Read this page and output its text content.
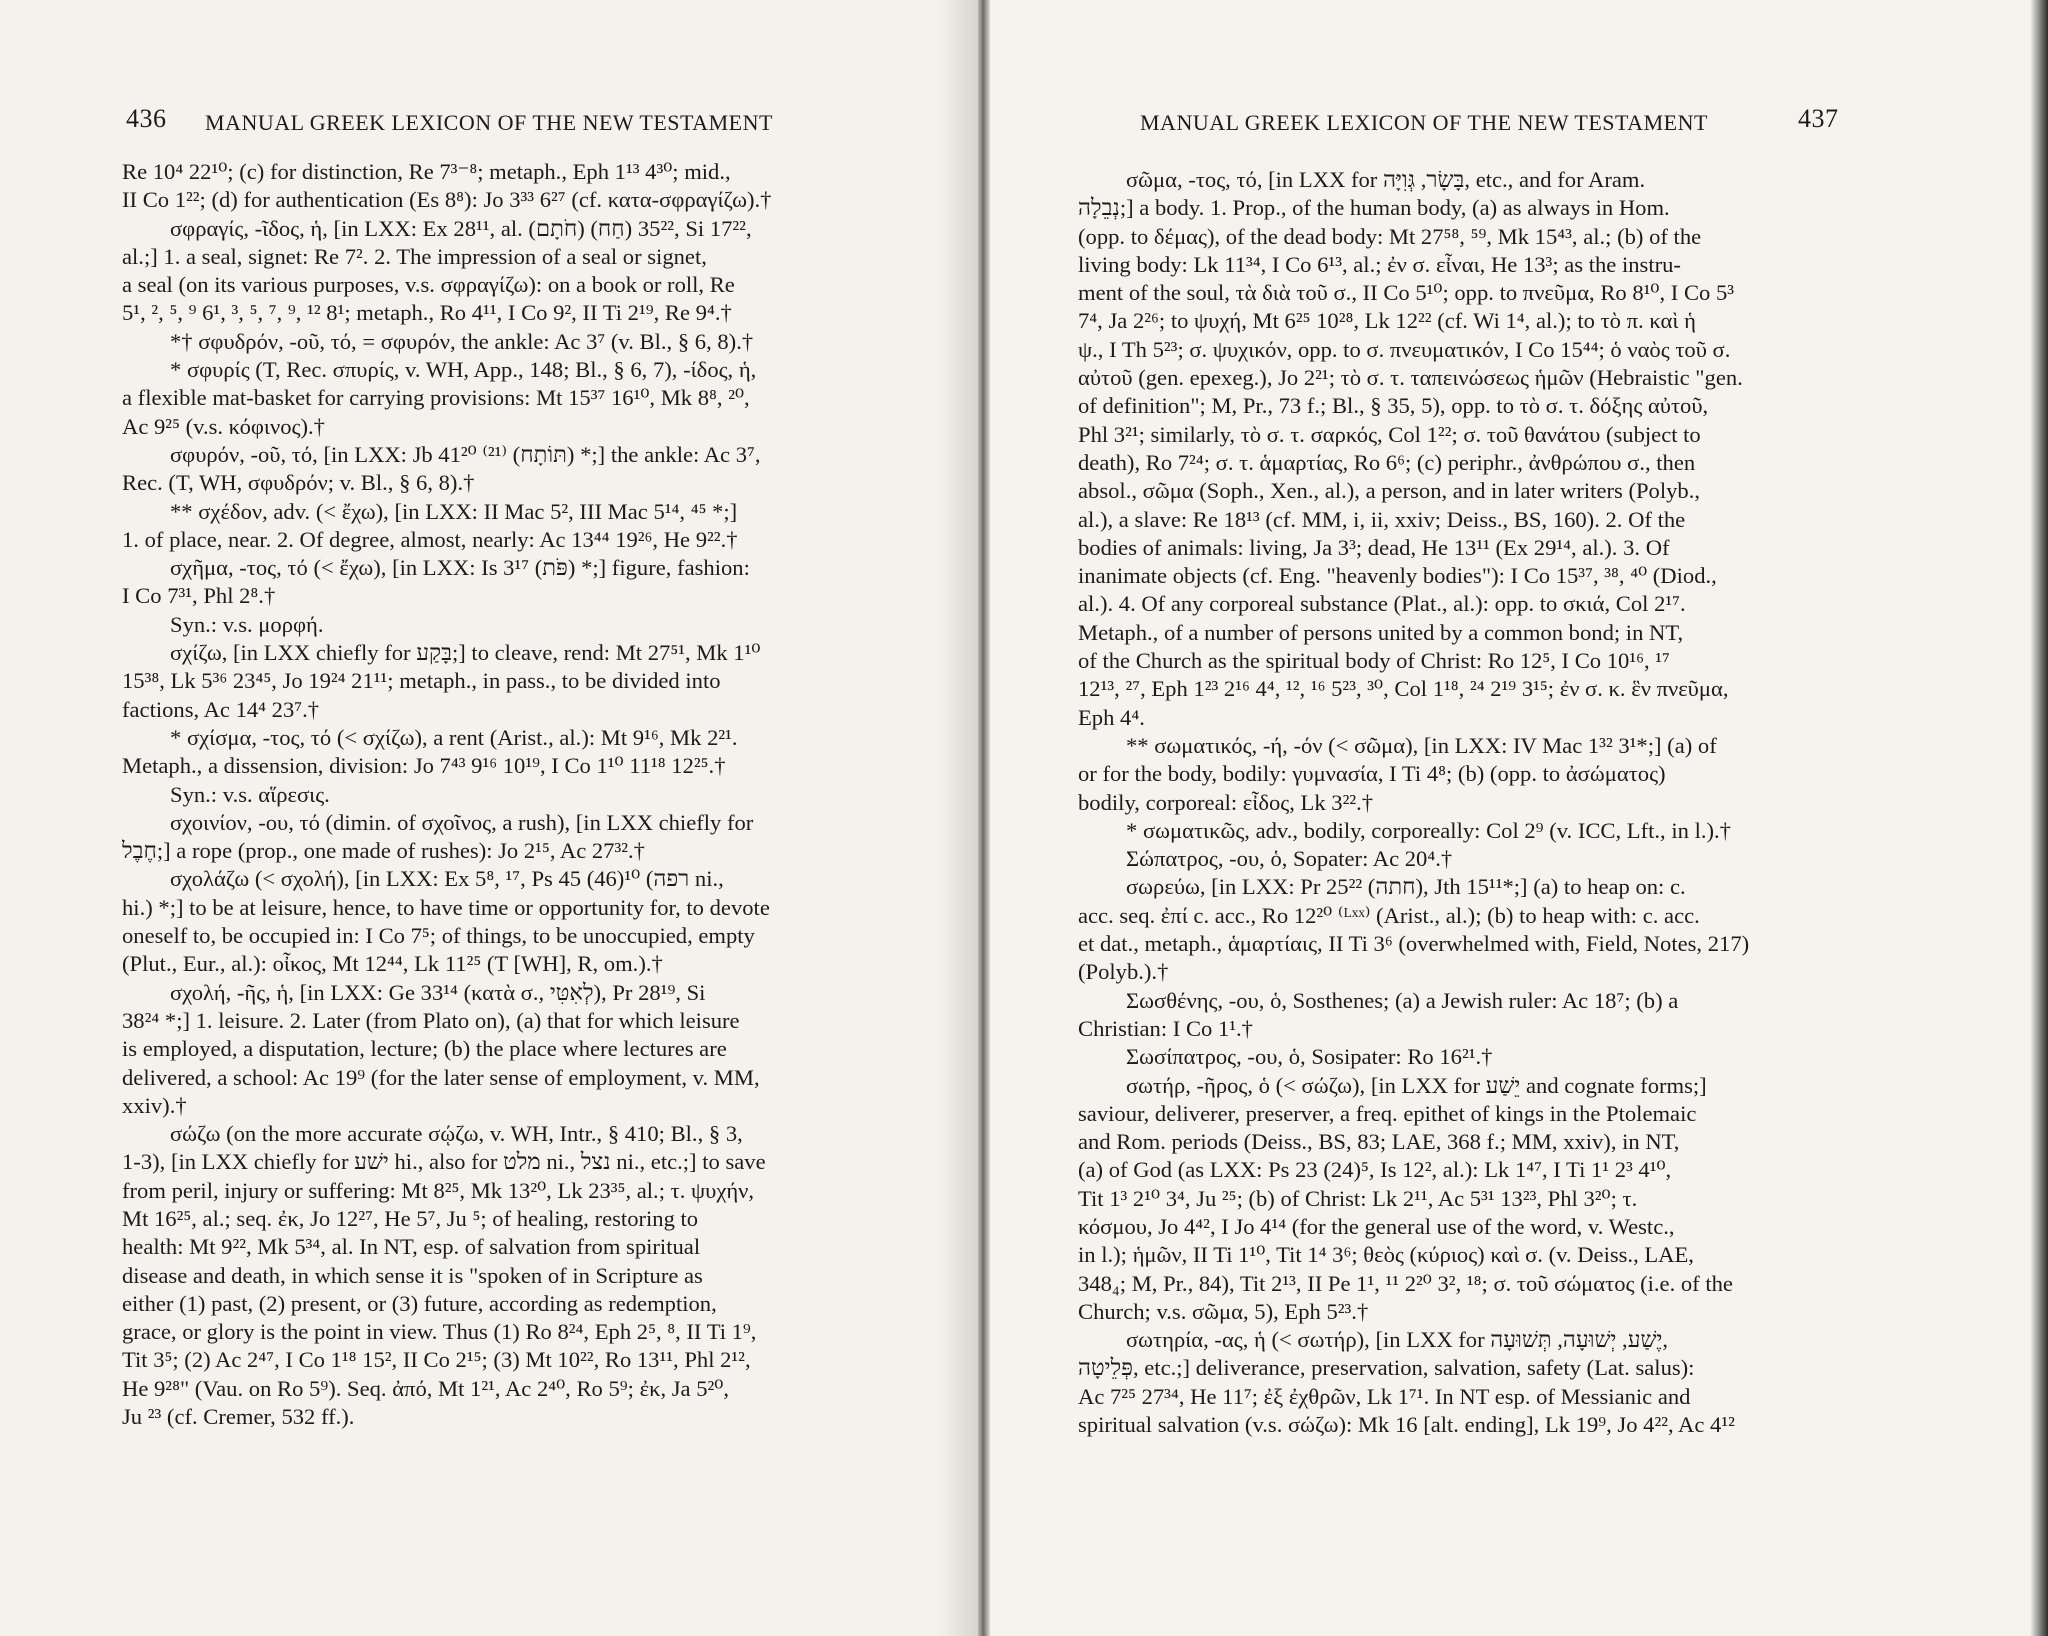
436 MANUAL GREEK LEXICON OF THE NEW TESTAMENT
Re 10⁴ 22¹⁰; (c) for distinction, Re 7³⁻⁸; metaph., Eph 1¹³ 4³⁰; mid.,
II Co 1²²; (d) for authentication (Es 8⁸): Jo 3³³ 6²⁷ (cf. κατα-σφραγίζω).†
σφραγίς, -ῖδος, ἡ, [in LXX: Ex 28¹¹, al. (חֹתָם) 35²² (חַח), Si 17²²,
al.;] 1. a seal, signet: Re 7². 2. The impression of a seal or signet,
a seal (on its various purposes, v.s. σφραγίζω): on a book or roll, Re
5¹, ², ⁵, ⁹ 6¹, ³, ⁵, ⁷, ⁹, ¹² 8¹; metaph., Ro 4¹¹, I Co 9², II Ti 2¹⁹, Re 9⁴.†
*† σφυδρόν, -οῦ, τό, = σφυρόν, the ankle: Ac 3⁷ (v. Bl., § 6, 8).†
* σφυρίς (T, Rec. σπυρίς, v. WH, App., 148; Bl., § 6, 7), -ίδος, ἡ,
a flexible mat-basket for carrying provisions: Mt 15³⁷ 16¹⁰, Mk 8⁸, ²⁰,
Ac 9²⁵ (v.s. κόφινος).†
σφυρόν, -οῦ, τό, [in LXX: Jb 41²⁰ ⁽²¹⁾ (תּוֹתָח) *;] the ankle: Ac 3⁷,
Rec. (T, WH, σφυδρόν; v. Bl., § 6, 8).†
** σχέδον, adv. (< ἔχω), [in LXX: II Mac 5², III Mac 5¹⁴, ⁴⁵ *;]
1. of place, near. 2. Of degree, almost, nearly: Ac 13⁴⁴ 19²⁶, He 9²².†
σχῆμα, -τος, τό (< ἔχω), [in LXX: Is 3¹⁷ (פֹּת) *;] figure, fashion:
I Co 7³¹, Phl 2⁸.†
Syn.: v.s. μορφή.
σχίζω, [in LXX chiefly for בָּקַע;] to cleave, rend: Mt 27⁵¹, Mk 1¹⁰
15³⁸, Lk 5³⁶ 23⁴⁵, Jo 19²⁴ 21¹¹; metaph., in pass., to be divided into
factions, Ac 14⁴ 23⁷.†
* σχίσμα, -τος, τό (< σχίζω), a rent (Arist., al.): Mt 9¹⁶, Mk 2²¹.
Metaph., a dissension, division: Jo 7⁴³ 9¹⁶ 10¹⁹, I Co 1¹⁰ 11¹⁸ 12²⁵.†
Syn.: v.s. αἵρεσις.
σχοινίον, -ου, τό (dimin. of σχοῖνος, a rush), [in LXX chiefly for
חֶבֶל;] a rope (prop., one made of rushes): Jo 2¹⁵, Ac 27³².†
σχολάζω (< σχολή), [in LXX: Ex 5⁸, ¹⁷, Ps 45 (46)¹⁰ (רפה ni.,
hi.) *;] to be at leisure, hence, to have time or opportunity for, to devote
oneself to, be occupied in: I Co 7⁵; of things, to be unoccupied, empty
(Plut., Eur., al.): οἶκος, Mt 12⁴⁴, Lk 11²⁵ (T [WH], R, om.).†
σχολή, -ῆς, ἡ, [in LXX: Ge 33¹⁴ (κατὰ σ., לְאִטִּי), Pr 28¹⁹, Si
38²⁴ *;] 1. leisure. 2. Later (from Plato on), (a) that for which leisure
is employed, a disputation, lecture; (b) the place where lectures are
delivered, a school: Ac 19⁹ (for the later sense of employment, v. MM,
xxiv).†
σώζω (on the more accurate σῴζω, v. WH, Intr., § 410; Bl., § 3,
1-3), [in LXX chiefly for ישׁע hi., also for מלט ni., נצל ni., etc.;] to save
from peril, injury or suffering: Mt 8²⁵, Mk 13²⁰, Lk 23³⁵, al.; τ. ψυχήν,
Mt 16²⁵, al.; seq. ἐκ, Jo 12²⁷, He 5⁷, Ju ⁵; of healing, restoring to
health: Mt 9²², Mk 5³⁴, al. In NT, esp. of salvation from spiritual
disease and death, in which sense it is "spoken of in Scripture as
either (1) past, (2) present, or (3) future, according as redemption,
grace, or glory is the point in view. Thus (1) Ro 8²⁴, Eph 2⁵, ⁸, II Ti 1⁹,
Tit 3⁵; (2) Ac 2⁴⁷, I Co 1¹⁸ 15², II Co 2¹⁵; (3) Mt 10²², Ro 13¹¹, Phl 2¹²,
He 9²⁸" (Vau. on Ro 5⁹). Seq. ἀπό, Mt 1²¹, Ac 2⁴⁰, Ro 5⁹; ἐκ, Ja 5²⁰,
Ju ²³ (cf. Cremer, 532 ff.).
MANUAL GREEK LEXICON OF THE NEW TESTAMENT	437
σῶμα, -τος, τό, [in LXX for בָּשָׂר, גְּוִיָּה, etc., and for Aram.
נְבֵלָה;] a body. 1. Prop., of the human body, (a) as always in Hom.
(opp. to δέμας), of the dead body: Mt 27⁵⁸, ⁵⁹, Mk 15⁴³, al.; (b) of the
living body: Lk 11³⁴, I Co 6¹³, al.; ἐν σ. εἶναι, He 13³; as the instru-
ment of the soul, τὰ διὰ τοῦ σ., II Co 5¹⁰; opp. to πνεῦμα, Ro 8¹⁰, I Co 5³
7⁴, Ja 2²⁶; to ψυχή, Mt 6²⁵ 10²⁸, Lk 12²² (cf. Wi 1⁴, al.); to τὸ π. καὶ ἡ
ψ., I Th 5²³; σ. ψυχικόν, opp. to σ. πνευματικόν, I Co 15⁴⁴; ὁ ναὸς τοῦ σ.
αὐτοῦ (gen. epexeg.), Jo 2²¹; τὸ σ. τ. ταπεινώσεως ἡμῶν (Hebraistic "gen.
of definition"; M, Pr., 73 f.; Bl., § 35, 5), opp. to τὸ σ. τ. δόξης αὐτοῦ,
Phl 3²¹; similarly, τὸ σ. τ. σαρκός, Col 1²²; σ. τοῦ θανάτου (subject to
death), Ro 7²⁴; σ. τ. ἁμαρτίας, Ro 6⁶; (c) periphr., ἀνθρώπου σ., then
absol., σῶμα (Soph., Xen., al.), a person, and in later writers (Polyb.,
al.), a slave: Re 18¹³ (cf. MM, i, ii, xxiv; Deiss., BS, 160). 2. Of the
bodies of animals: living, Ja 3³; dead, He 13¹¹ (Ex 29¹⁴, al.). 3. Of
inanimate objects (cf. Eng. "heavenly bodies"): I Co 15³⁷, ³⁸, ⁴⁰ (Diod.,
al.). 4. Of any corporeal substance (Plat., al.): opp. to σκιά, Col 2¹⁷.
Metaph., of a number of persons united by a common bond; in NT,
of the Church as the spiritual body of Christ: Ro 12⁵, I Co 10¹⁶, ¹⁷
12¹³, ²⁷, Eph 1²³ 2¹⁶ 4⁴, ¹², ¹⁶ 5²³, ³⁰, Col 1¹⁸, ²⁴ 2¹⁹ 3¹⁵; ἐν σ. κ. ἓν πνεῦμα,
Eph 4⁴.
** σωματικός, -ή, -όν (< σῶμα), [in LXX: IV Mac 1³² 3¹*;] (a) of
or for the body, bodily: γυμνασία, I Ti 4⁸; (b) (opp. to ἀσώματος)
bodily, corporeal: εἶδος, Lk 3²².†
* σωματικῶς, adv., bodily, corporeally: Col 2⁹ (v. ICC, Lft., in l.).†
Σώπατρος, -ου, ὁ, Sopater: Ac 20⁴.†
σωρεύω, [in LXX: Pr 25²² (חתה), Jth 15¹¹*;] (a) to heap on: c.
acc. seq. ἐπί c. acc., Ro 12²⁰ ⁽ᴸˣˣ⁾ (Arist., al.); (b) to heap with: c. acc.
et dat., metaph., ἁμαρτίαις, II Ti 3⁶ (overwhelmed with, Field, Notes, 217)
(Polyb.).†
Σωσθένης, -ου, ὁ, Sosthenes; (a) a Jewish ruler: Ac 18⁷; (b) a
Christian: I Co 1¹.†
Σωσίπατρος, -ου, ὁ, Sosipater: Ro 16²¹.†
σωτήρ, -ῆρος, ὁ (< σώζω), [in LXX for יֵשַׁע and cognate forms;]
saviour, deliverer, preserver, a freq. epithet of kings in the Ptolemaic
and Rom. periods (Deiss., BS, 83; LAE, 368 f.; MM, xxiv), in NT,
(a) of God (as LXX: Ps 23 (24)⁵, Is 12², al.): Lk 1⁴⁷, I Ti 1¹ 2³ 4¹⁰,
Tit 1³ 2¹⁰ 3⁴, Ju ²⁵; (b) of Christ: Lk 2¹¹, Ac 5³¹ 13²³, Phl 3²⁰; τ.
κόσμου, Jo 4⁴², I Jo 4¹⁴ (for the general use of the word, v. Westc.,
in l.); ἡμῶν, II Ti 1¹⁰, Tit 1⁴ 3⁶; θεὸς (κύριος) καὶ σ. (v. Deiss., LAE,
348₄; M, Pr., 84), Tit 2¹³, II Pe 1¹, ¹¹ 2²⁰ 3², ¹⁸; σ. τοῦ σώματος (i.e. of the
Church; v.s. σῶμα, 5), Eph 5²³.†
σωτηρία, -ας, ἡ (< σωτήρ), [in LXX for יֶשַׁע, יְשׁוּעָה, תְּשׁוּעָה,
פְּלֵיטָה, etc.;] deliverance, preservation, salvation, safety (Lat. salus):
Ac 7²⁵ 27³⁴, He 11⁷; ἐξ ἐχθρῶν, Lk 1⁷¹. In NT esp. of Messianic and
spiritual salvation (v.s. σώζω): Mk 16 [alt. ending], Lk 19⁹, Jo 4²², Ac 4¹²
